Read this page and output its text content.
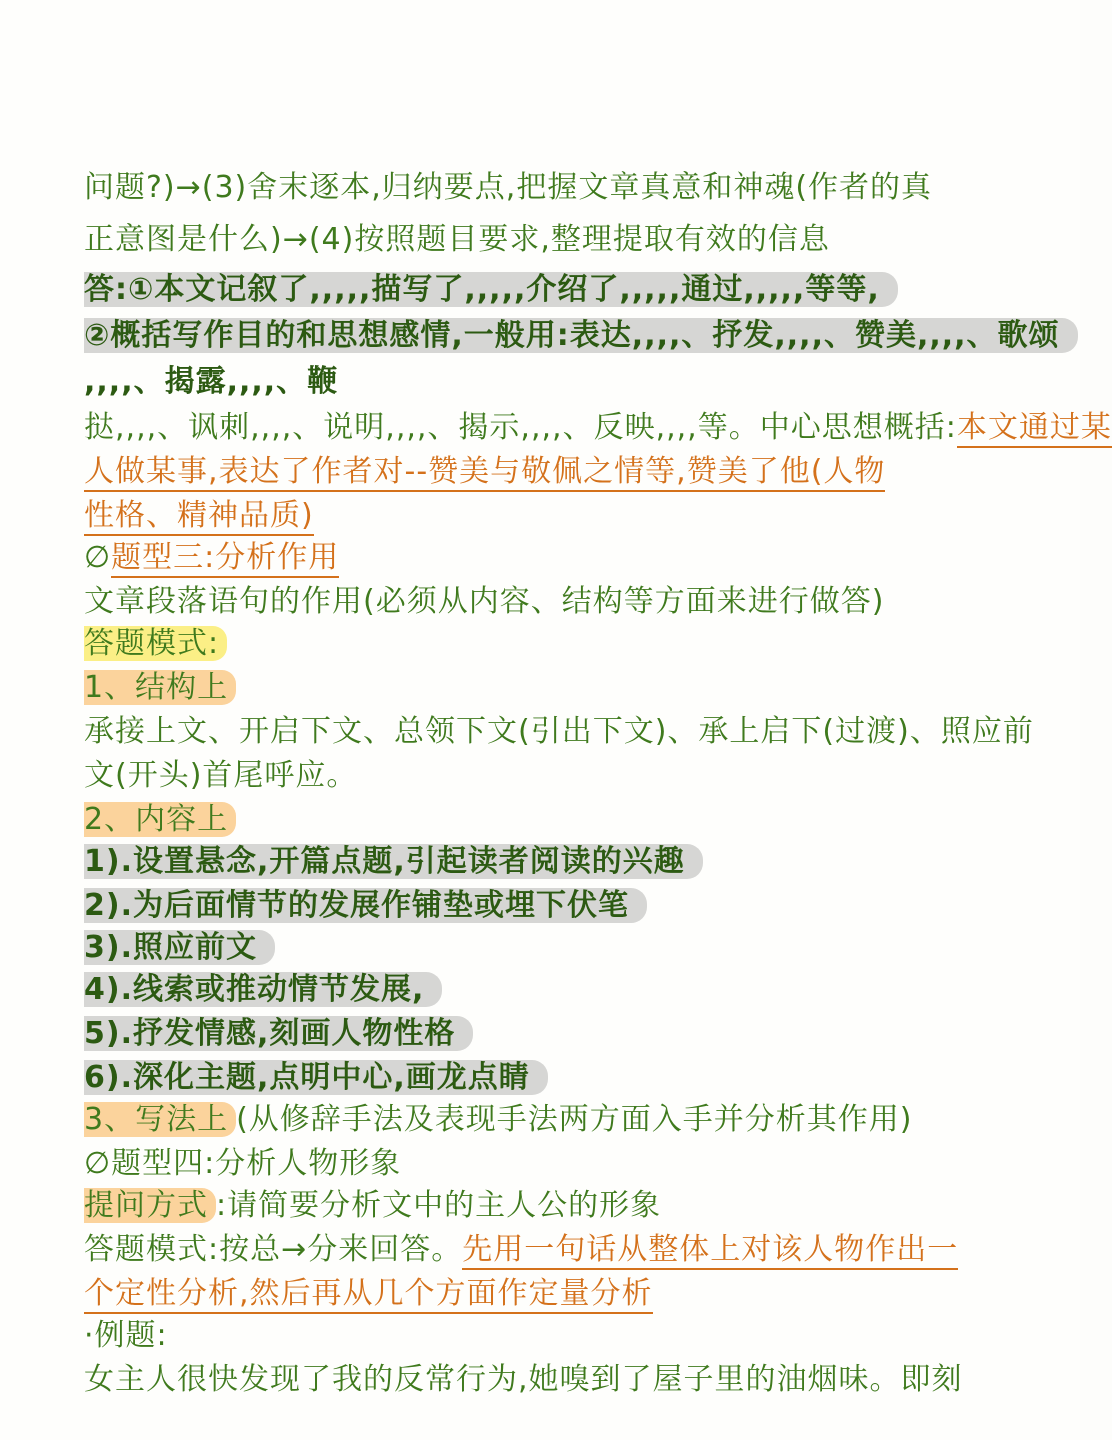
问题?)→(3)舍末逐本,归纳要点,把握文章真意和神魂(作者的真
正意图是什么)→(4)按照题目要求,整理提取有效的信息
答:①本文记叙了,,,,,描写了,,,,,介绍了,,,,,通过,,,,,等等,
②概括写作目的和思想感情,一般用:表达,,,,、抒发,,,,、赞美,,,,、歌颂
,,,,、揭露,,,,、鞭
挞,,,,、讽刺,,,,、说明,,,,、揭示,,,,、反映,,,,等。中心思想概括:本文通过某
人做某事,表达了作者对--赞美与敬佩之情等,赞美了他(人物
性格、精神品质)
∅题型三:分析作用
文章段落语句的作用(必须从内容、结构等方面来进行做答)
答题模式:
1、结构上
承接上文、开启下文、总领下文(引出下文)、承上启下(过渡)、照应前
文(开头)首尾呼应。
2、内容上
1).设置悬念,开篇点题,引起读者阅读的兴趣
2).为后面情节的发展作铺垫或埋下伏笔
3).照应前文
4).线索或推动情节发展,
5).抒发情感,刻画人物性格
6).深化主题,点明中心,画龙点睛
3、写法上 (从修辞手法及表现手法两方面入手并分析其作用)
∅题型四:分析人物形象
提问方式 :请简要分析文中的主人公的形象
答题模式:按总→分来回答。先用一句话从整体上对该人物作出一
个定性分析,然后再从几个方面作定量分析
·例题:
女主人很快发现了我的反常行为,她嗅到了屋子里的油烟味。即刻
